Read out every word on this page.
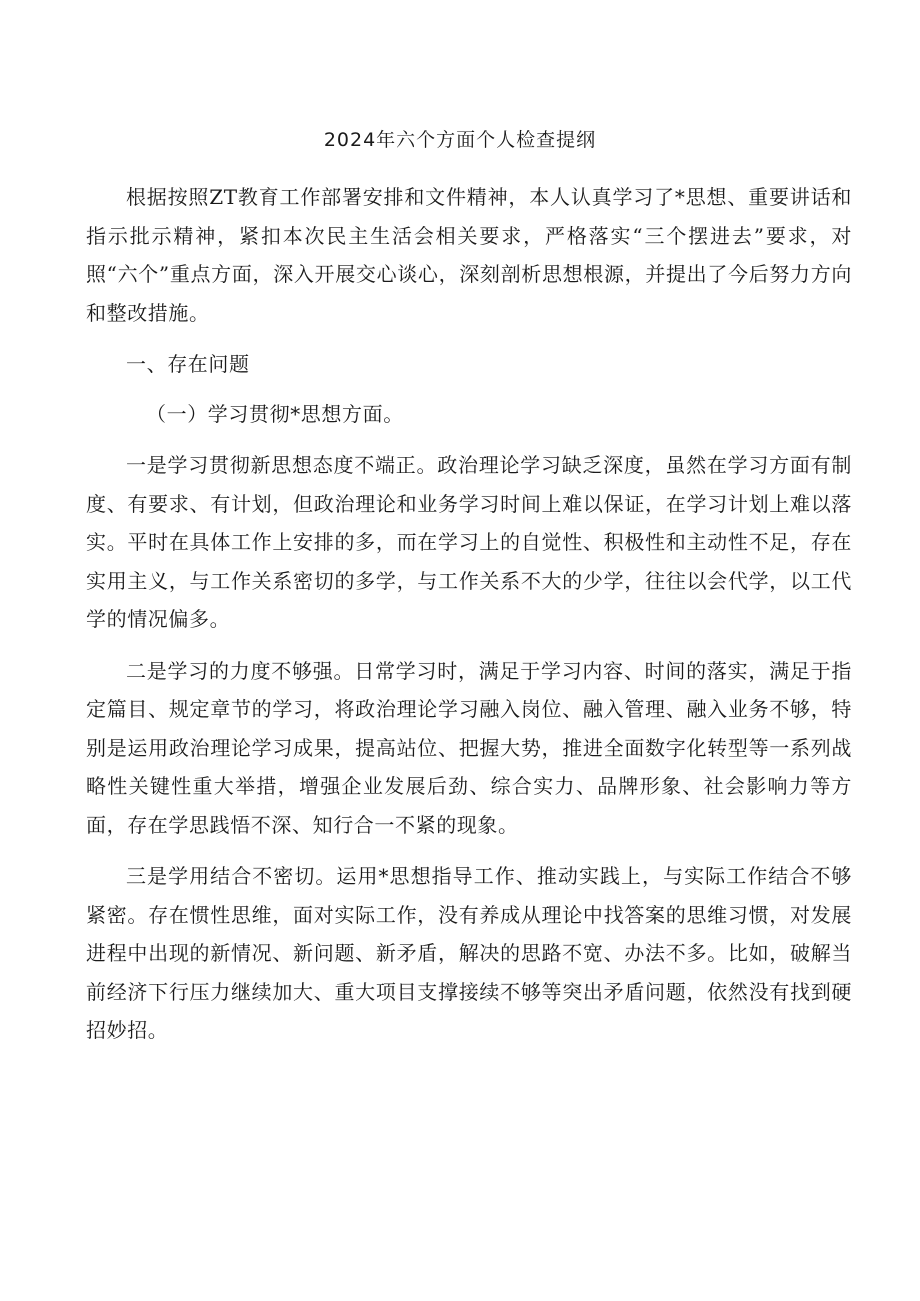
2024年六个方面个人检查提纲

根据按照ZT教育工作部署安排和文件精神，本人认真学习了*思想、重要讲话和指示批示精神，紧扣本次民主生活会相关要求，严格落实“三个摆进去”要求，对照“六个”重点方面，深入开展交心谈心，深刻剖析思想根源，并提出了今后努力方向和整改措施。

一、存在问题

（一）学习贯彻*思想方面。

一是学习贯彻新思想态度不端正。政治理论学习缺乏深度，虽然在学习方面有制度、有要求、有计划，但政治理论和业务学习时间上难以保证，在学习计划上难以落实。平时在具体工作上安排的多，而在学习上的自觉性、积极性和主动性不足，存在实用主义，与工作关系密切的多学，与工作关系不大的少学，往往以会代学，以工代学的情况偏多。

二是学习的力度不够强。日常学习时，满足于学习内容、时间的落实，满足于指定篇目、规定章节的学习，将政治理论学习融入岗位、融入管理、融入业务不够，特别是运用政治理论学习成果，提高站位、把握大势，推进全面数字化转型等一系列战略性关键性重大举措，增强企业发展后劲、综合实力、品牌形象、社会影响力等方面，存在学思践悟不深、知行合一不紧的现象。

三是学用结合不密切。运用*思想指导工作、推动实践上，与实际工作结合不够紧密。存在惯性思维，面对实际工作，没有养成从理论中找答案的思维习惯，对发展进程中出现的新情况、新问题、新矛盾，解决的思路不宽、办法不多。比如，破解当前经济下行压力继续加大、重大项目支撑接续不够等突出矛盾问题，依然没有找到硬招妙招。
